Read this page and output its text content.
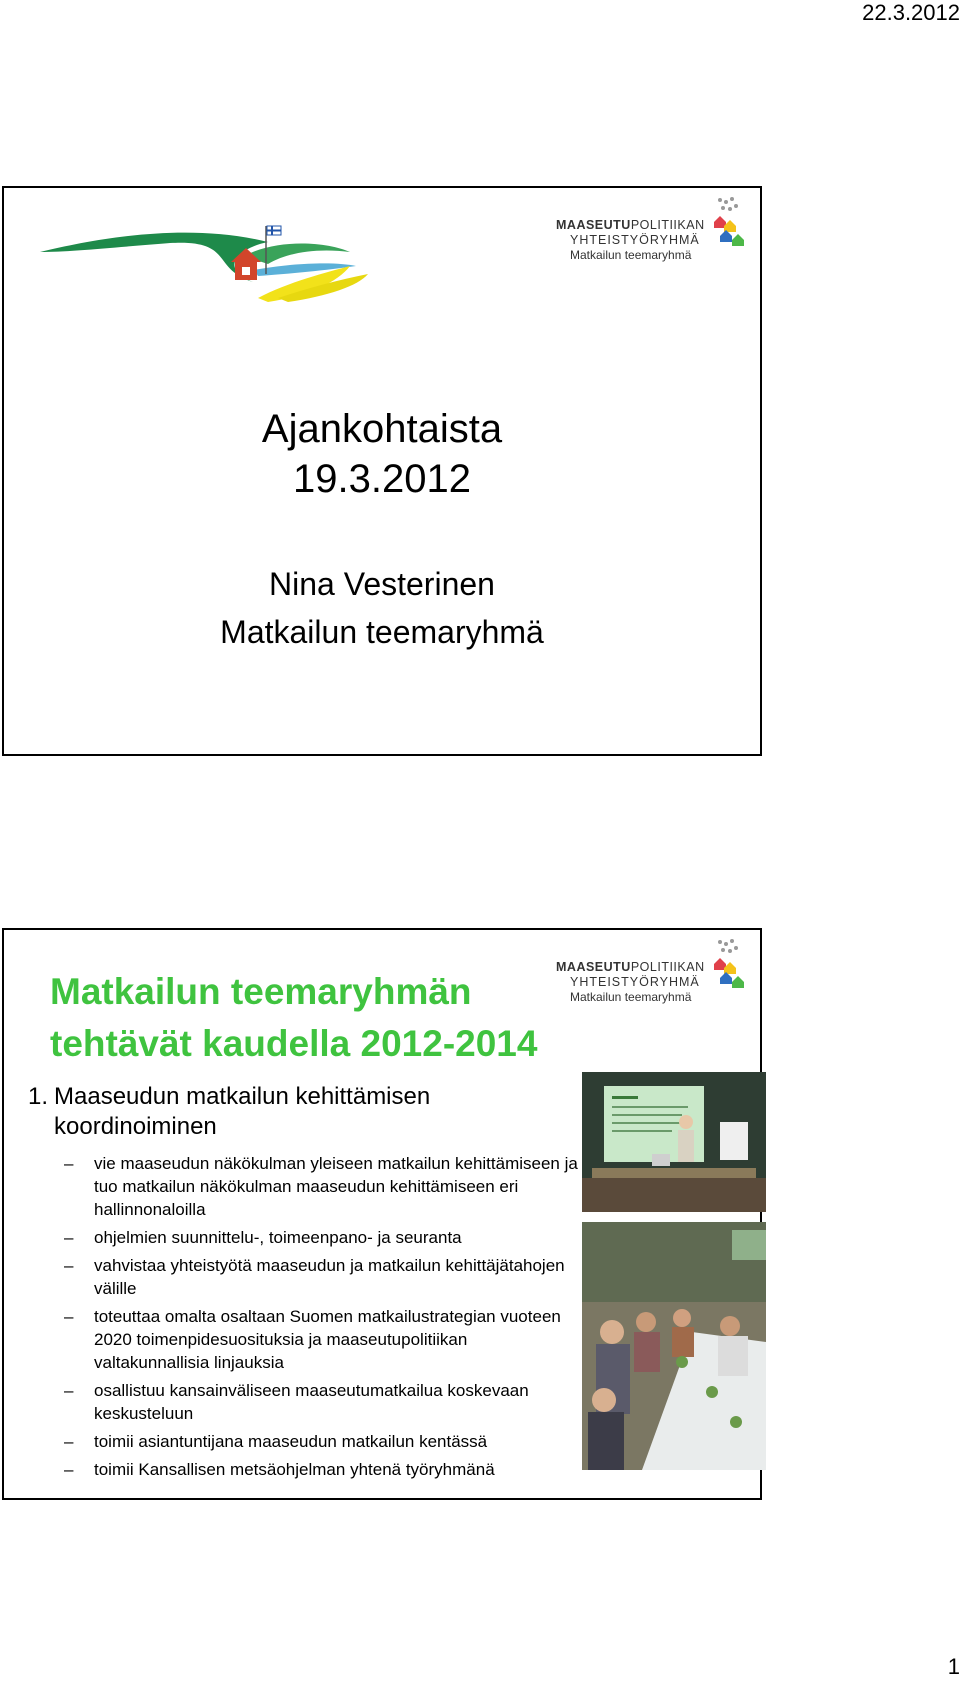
22.3.2012
MAASEUTUPOLITIIKAN
YHTEISTYÖRYHMÄ
Matkailun teemaryhmä
Ajankohtaista
19.3.2012
Nina Vesterinen
Matkailun teemaryhmä
MAASEUTUPOLITIIKAN
YHTEISTYÖRYHMÄ
Matkailun teemaryhmä
Matkailun teemaryhmän
tehtävät kaudella 2012-2014
1. Maaseudun matkailun kehittämisen
koordinoiminen
– vie maaseudun näkökulman yleiseen matkailun kehittämiseen ja tuo matkailun näkökulman maaseudun kehittämiseen eri hallinnonaloilla
– ohjelmien suunnittelu-, toimeenpano- ja seuranta
– vahvistaa yhteistyötä maaseudun ja matkailun kehittäjätahojen välille
– toteuttaa omalta osaltaan Suomen matkailustrategian vuoteen 2020 toimenpidesuosituksia ja maaseutupolitiikan valtakunnallisia linjauksia
– osallistuu kansainväliseen maaseutumatkailua koskevaan keskusteluun
– toimii asiantuntijana maaseudun matkailun kentässä
– toimii Kansallisen metsäohjelman yhtenä työryhmänä
1
